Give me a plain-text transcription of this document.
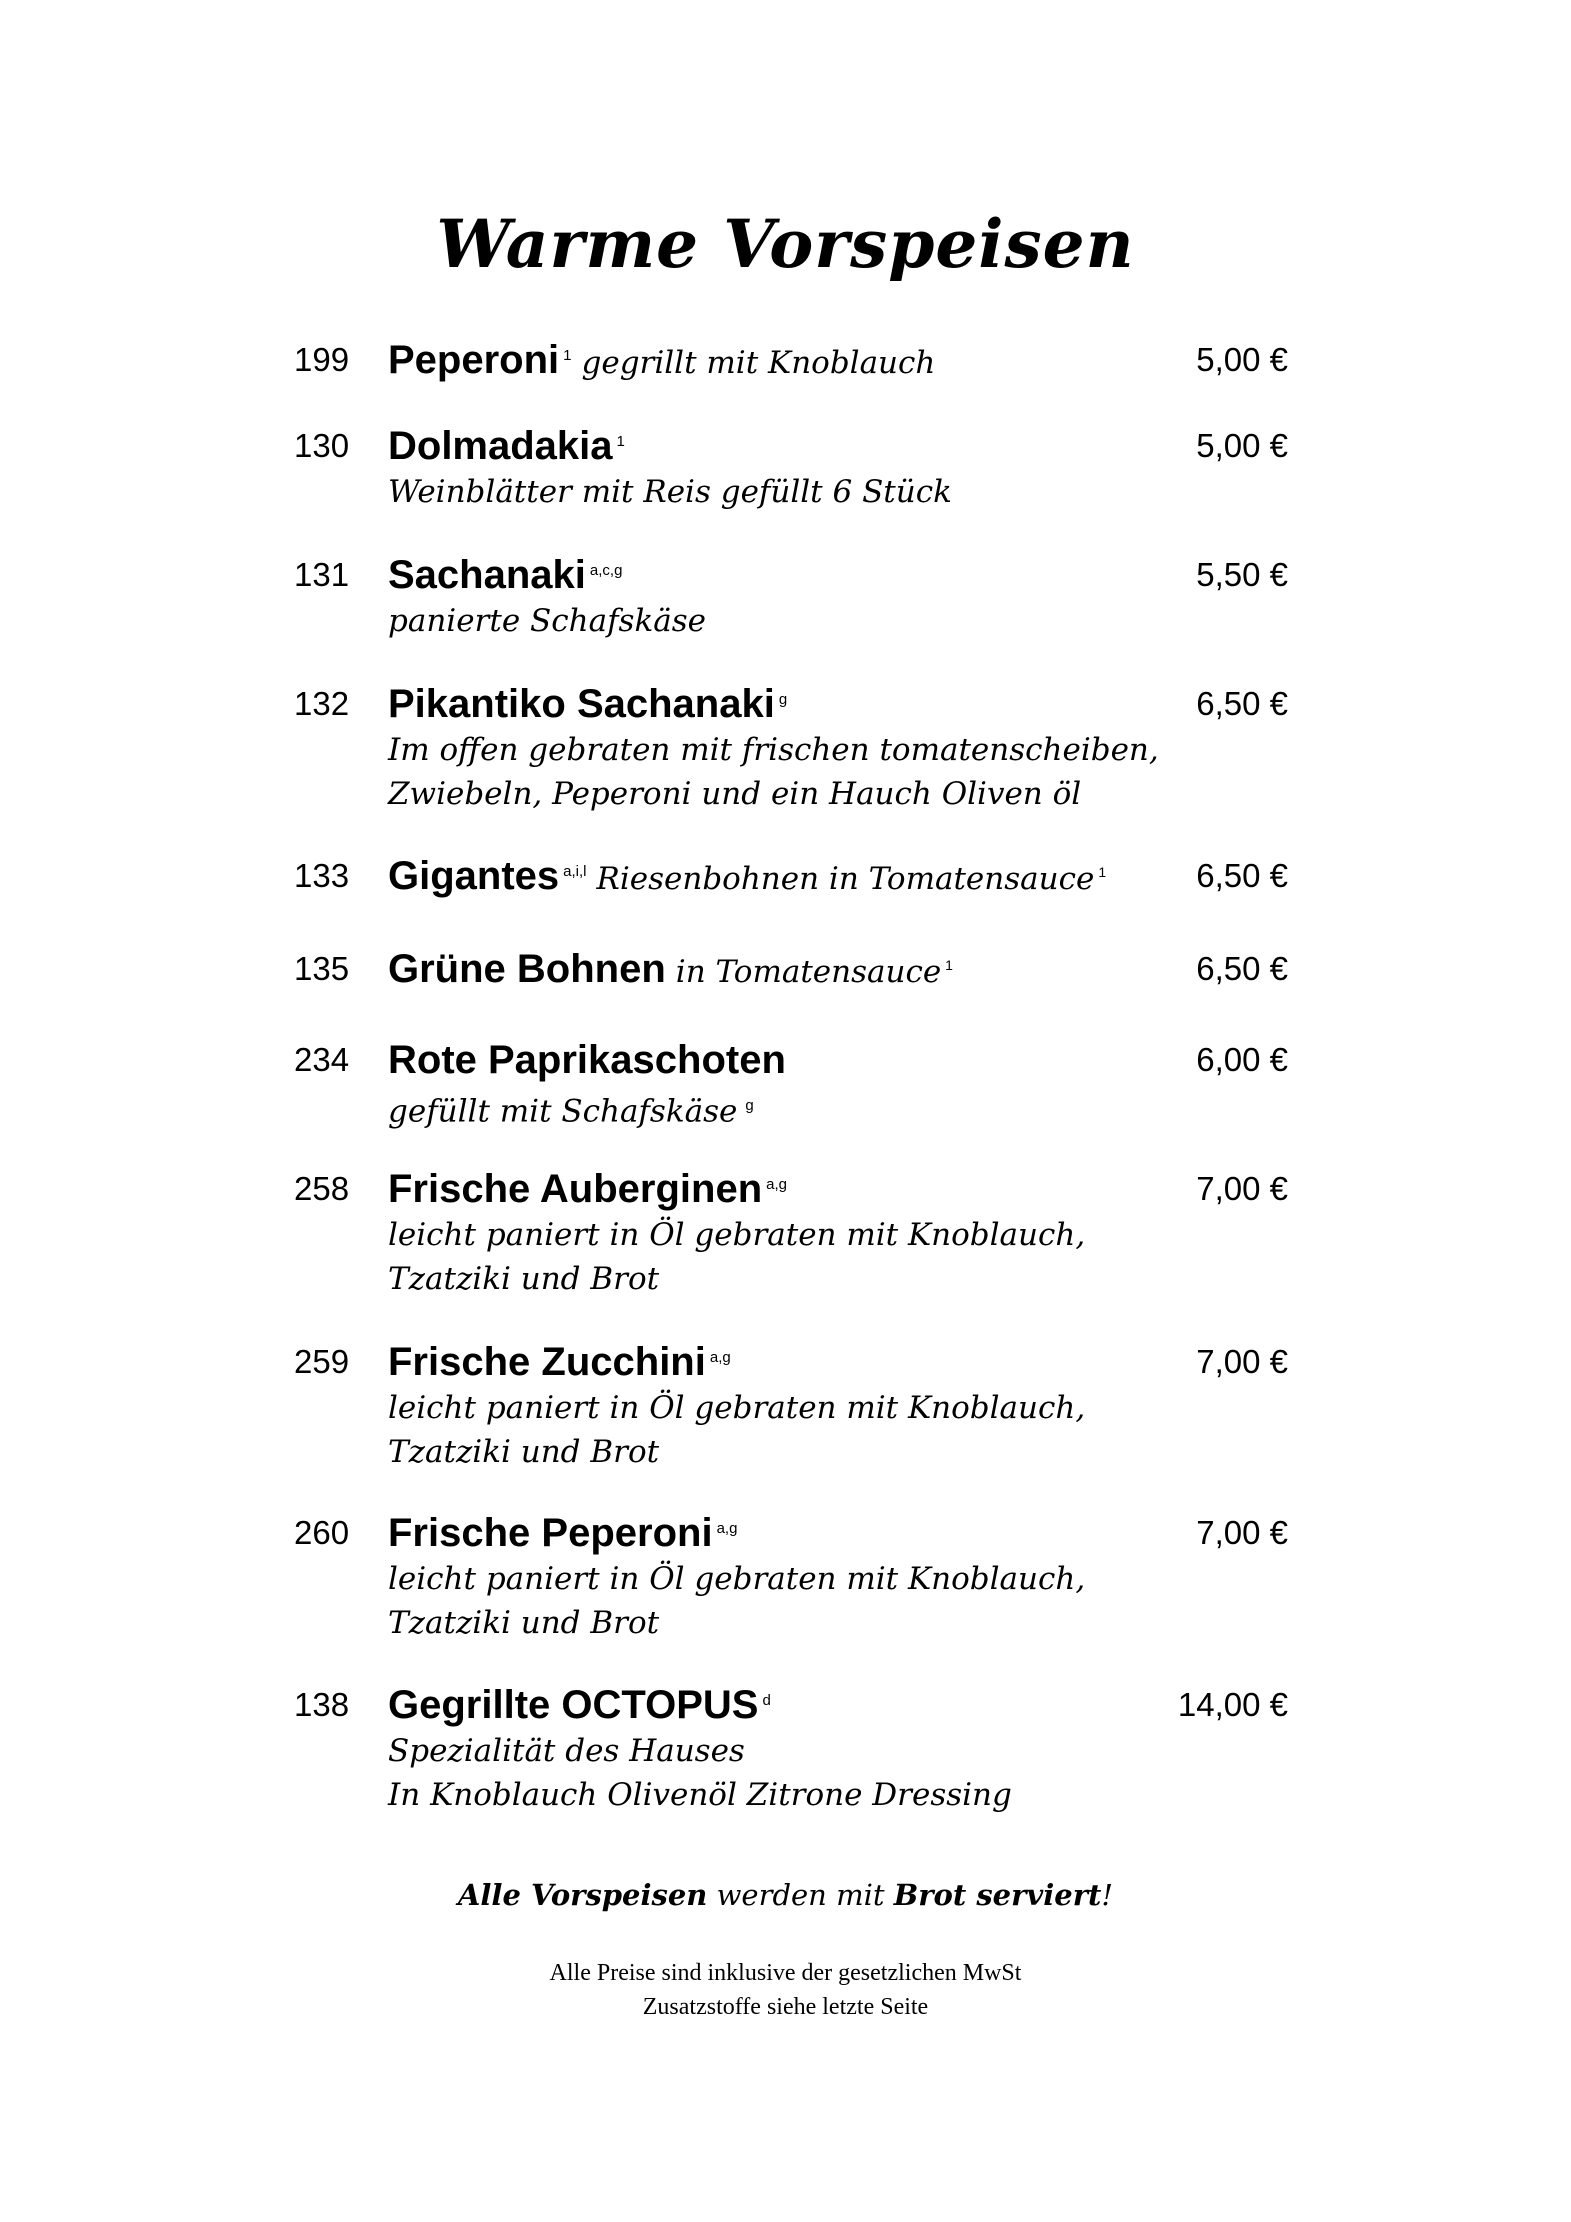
Warme Vorspeisen
199 Peperoni $^1$ gegrillt mit Knoblauch	5,00 €
130 Dolmadakia $^1$	5,00 €
Weinblätter mit Reis gefüllt 6 Stück
131 Sachanaki $^{a,c,g}$	5,50 €
panierte Schafskäse
132 Pikantiko Sachanaki $^g$	6,50 €
Im offen gebraten mit frischen tomatenscheiben,
Zwiebeln, Peperoni und ein Hauch Oliven öl
133 Gigantes $^{a,i,l}$ Riesenbohnen in Tomatensauce $^1$	6,50 €
135 Grüne Bohnen in Tomatensauce $^1$	6,50 €
234 Rote Paprikaschoten	6,00 €
gefüllt mit Schafskäse $^g$
258 Frische Auberginen $^{a,g}$	7,00 €
leicht paniert in Öl gebraten mit Knoblauch,
Tzatziki und Brot
259 Frische Zucchini $^{a,g}$	7,00 €
leicht paniert in Öl gebraten mit Knoblauch,
Tzatziki und Brot
260 Frische Peperoni $^{a,g}$	7,00 €
leicht paniert in Öl gebraten mit Knoblauch,
Tzatziki und Brot
138 Gegrillte OCTOPUS $^d$	14,00 €
Spezialität des Hauses
In Knoblauch Olivenöl Zitrone Dressing
Alle Vorspeisen werden mit Brot serviert!
Alle Preise sind inklusive der gesetzlichen MwSt
Zusatzstoffe siehe letzte Seite
